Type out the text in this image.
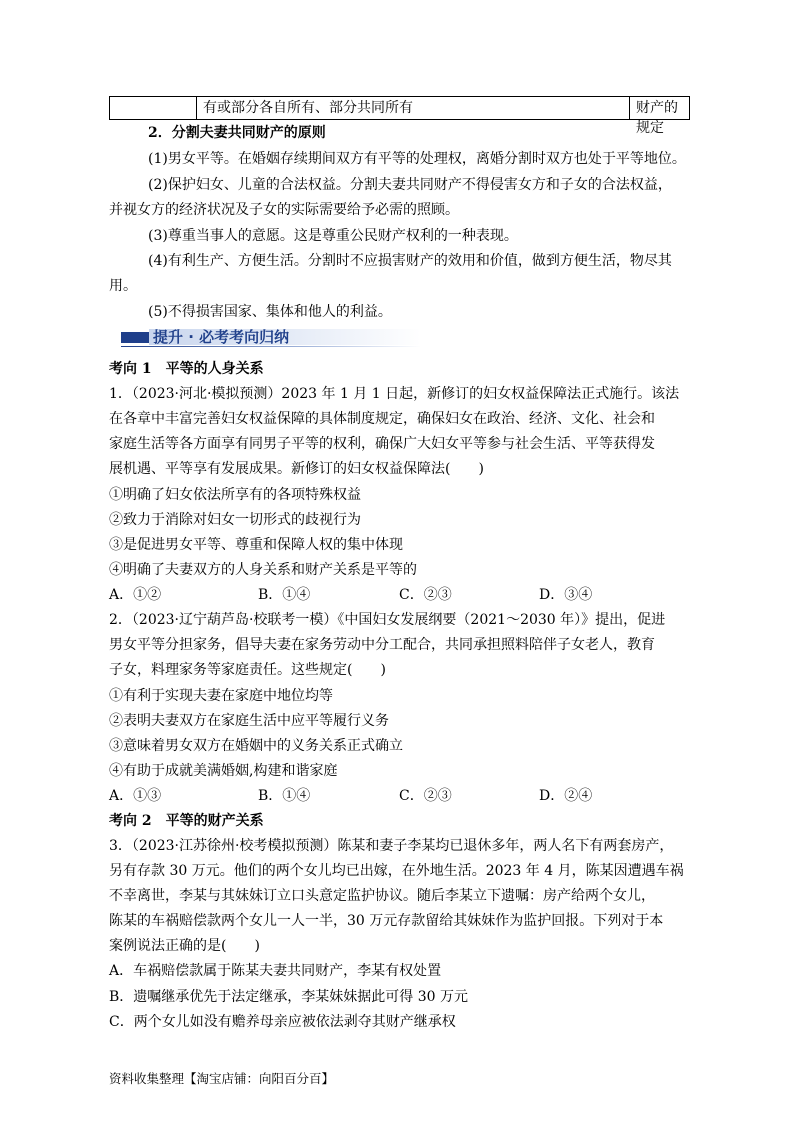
有或部分各自所有、部分共同所有	财产的规定
2．分割夫妻共同财产的原则
(1)男女平等。在婚姻存续期间双方有平等的处理权，离婚分割时双方也处于平等地位。
(2)保护妇女、儿童的合法权益。分割夫妻共同财产不得侵害女方和子女的合法权益，
并视女方的经济状况及子女的实际需要给予必需的照顾。
(3)尊重当事人的意愿。这是尊重公民财产权利的一种表现。
(4)有利生产、方便生活。分割时不应损害财产的效用和价值，做到方便生活，物尽其
用。
(5)不得损害国家、集体和他人的利益。
提升 · 必考考向归纳
考向 1　平等的人身关系
1．（2023·河北·模拟预测）2023 年 1 月 1 日起，新修订的妇女权益保障法正式施行。该法
在各章中丰富完善妇女权益保障的具体制度规定，确保妇女在政治、经济、文化、社会和
家庭生活等各方面享有同男子平等的权利，确保广大妇女平等参与社会生活、平等获得发
展机遇、平等享有发展成果。新修订的妇女权益保障法(　　)
①明确了妇女依法所享有的各项特殊权益
②致力于消除对妇女一切形式的歧视行为
③是促进男女平等、尊重和保障人权的集中体现
④明确了夫妻双方的人身关系和财产关系是平等的
A．①②	B．①④	C．②③	D．③④
2．（2023·辽宁葫芦岛·校联考一模）《中国妇女发展纲要（2021～2030 年）》提出，促进
男女平等分担家务，倡导夫妻在家务劳动中分工配合，共同承担照料陪伴子女老人，教育
子女，料理家务等家庭责任。这些规定(　　)
①有利于实现夫妻在家庭中地位均等
②表明夫妻双方在家庭生活中应平等履行义务
③意味着男女双方在婚姻中的义务关系正式确立
④有助于成就美满婚姻,构建和谐家庭
A．①③	B．①④	C．②③	D．②④
考向 2　平等的财产关系
3．（2023·江苏徐州·校考模拟预测）陈某和妻子李某均已退休多年，两人名下有两套房产，
另有存款 30 万元。他们的两个女儿均已出嫁，在外地生活。2023 年 4 月，陈某因遭遇车祸
不幸离世，李某与其妹妹订立口头意定监护协议。随后李某立下遗嘱：房产给两个女儿，
陈某的车祸赔偿款两个女儿一人一半，30 万元存款留给其妹妹作为监护回报。下列对于本
案例说法正确的是(　　)
A．车祸赔偿款属于陈某夫妻共同财产，李某有权处置
B．遗嘱继承优先于法定继承，李某妹妹据此可得 30 万元
C．两个女儿如没有赡养母亲应被依法剥夺其财产继承权
资料收集整理【淘宝店铺：向阳百分百】
